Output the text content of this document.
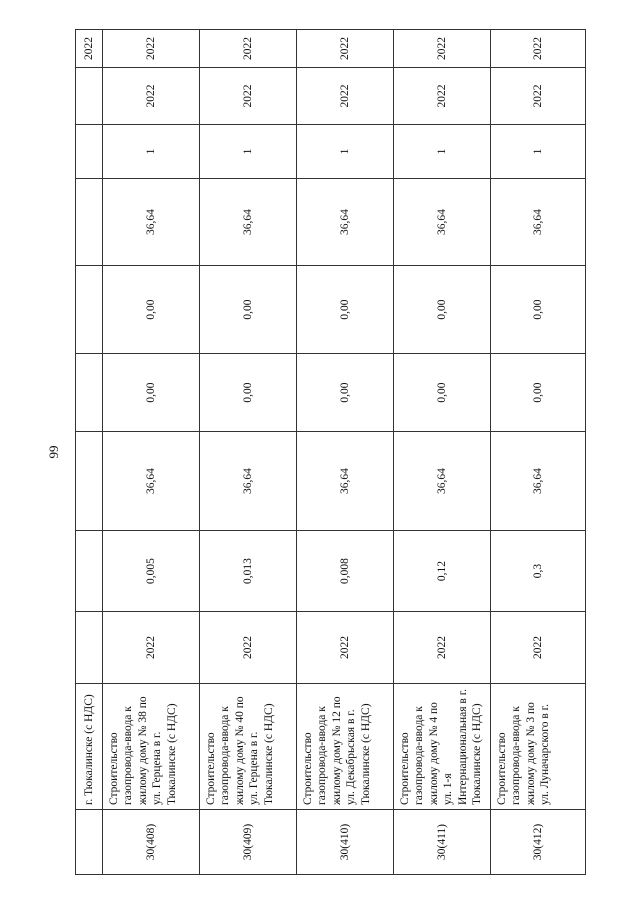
99
	г. Тюкалинске (с НДС)									2022
30(408)	Строительство газопровода-ввода к жилому дому № 38 по ул. Герцена в г. Тюкалинске (с НДС)	2022	0,005	36,64	0,00	0,00	36,64	1	2022	2022
30(409)	Строительство газопровода-ввода к жилому дому № 40 по ул. Герцена в г. Тюкалинске (с НДС)	2022	0,013	36,64	0,00	0,00	36,64	1	2022	2022
30(410)	Строительство газопровода-ввода к жилому дому № 12 по ул. Декабрьская в г. Тюкалинске (с НДС)	2022	0,008	36,64	0,00	0,00	36,64	1	2022	2022
30(411)	Строительство газопровода-ввода к жилому дому № 4 по ул. 1-я Интернациональная в г. Тюкалинске (с НДС)	2022	0,12	36,64	0,00	0,00	36,64	1	2022	2022
30(412)	Строительство газопровода-ввода к жилому дому № 3 по ул. Луначарского в г.	2022	0,3	36,64	0,00	0,00	36,64	1	2022	2022
